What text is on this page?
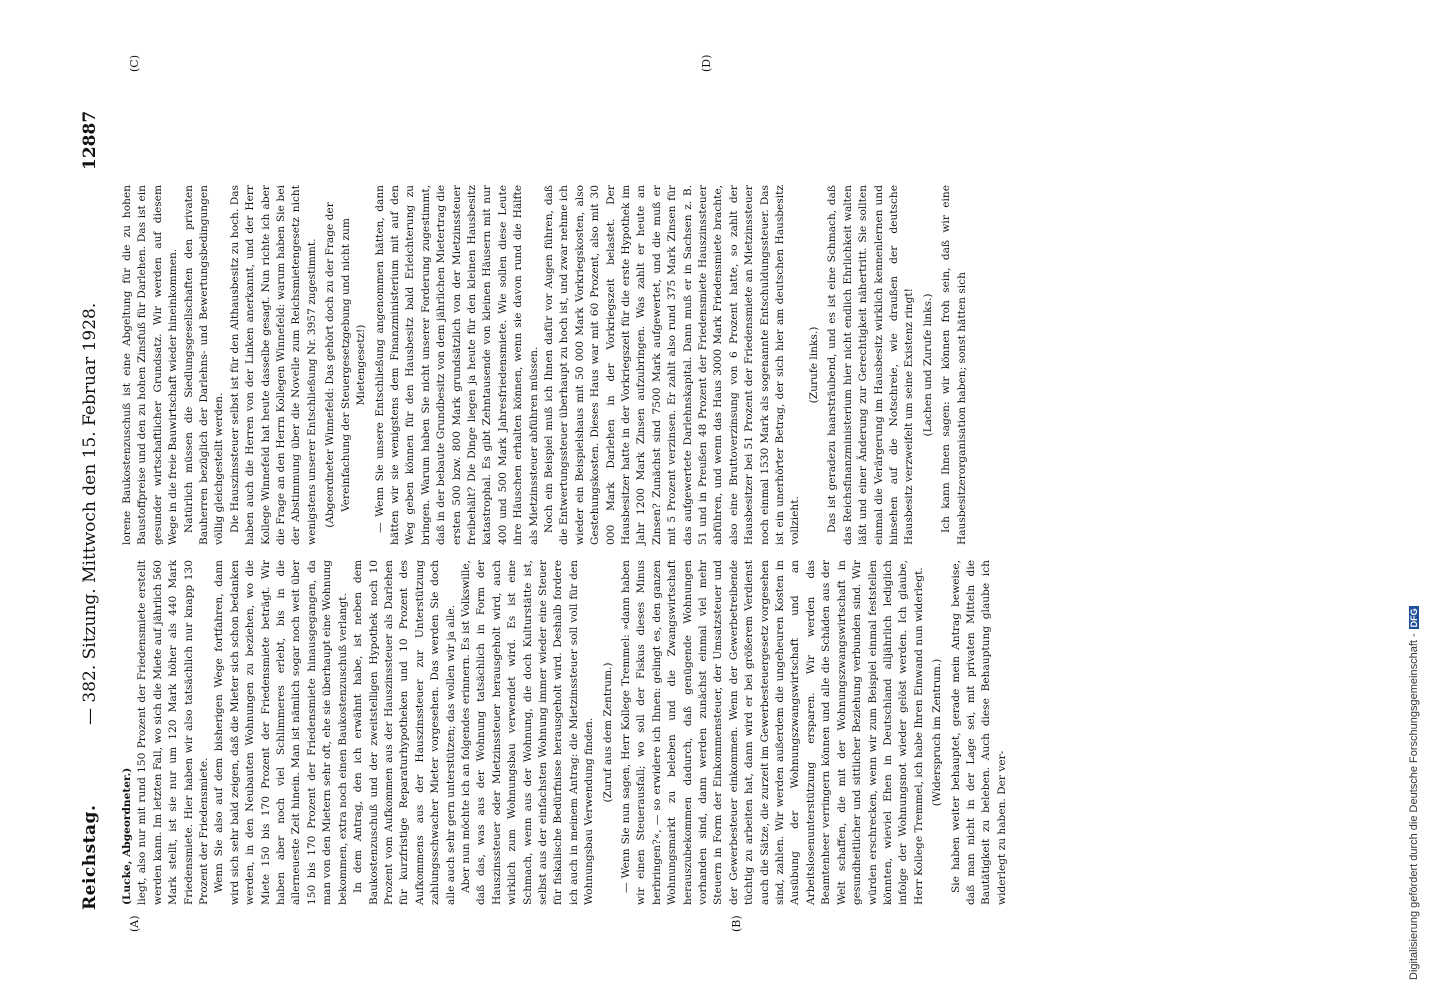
Reichstag.
— 382. Sitzung. Mittwoch den 15. Februar 1928.
12887
(A)	(B)
(C)	(D)

(Lucke, Abgeordneter.) liegt, also nur mit rund 150 Prozent der Friedensmiete erstellt werden kann. Im letzten Fall, wo sich die Miete auf jährlich 560 Mark stellt, ist sie nur um 120 Mark höher als 440 Mark Friedensmiete. Hier haben wir also tatsächlich nur knapp 130 Prozent der Friedensmiete. Wenn Sie also auf dem bisherigen Wege fortfahren, dann wird sich sehr bald zeigen, daß die Mieter sich schon bedanken werden, in den Neubauten Wohnungen zu beziehen, wo die Miete 150 bis 170 Prozent der Friedensmiete beträgt. Wir haben aber noch viel Schlimmeres erlebt, bis in die allerneueste Zeit hinein. Man ist nämlich sogar noch weit über 150 bis 170 Prozent der Friedensmiete hinausgegangen, da man von den Mietern sehr oft, ehe sie überhaupt eine Wohnung bekommen, extra noch einen Baukostenzuschuß verlangt. In dem Antrag, den ich erwähnt habe, ist neben dem Baukostenzuschuß und der zweitstelligen Hypothek noch 10 Prozent vom Aufkommen aus der Hauszinssteuer als Darlehen für kurzfristige Reparaturhypotheken und 10 Prozent des Aufkommens aus der Hauszinssteuer zur Unterstützung zahlungsschwacher Mieter vorgesehen. Das werden Sie doch alle auch sehr gern unterstützen; das wollen wir ja alle. Aber nun möchte ich an folgendes erinnern. Es ist Volkswille, daß das, was aus der Wohnung tatsächlich in Form der Hauszinssteuer oder Mietzinssteuer herausgeholt wird, auch wirklich zum Wohnungsbau verwendet wird. Es ist eine Schmach, wenn aus der Wohnung, die doch Kulturstätte ist, selbst aus der einfachsten Wohnung immer wieder eine Steuer für fiskalische Bedürfnisse herausgeholt wird. Deshalb fordere ich auch in meinem Antrag: die Mietzinssteuer soll voll für den Wohnungsbau Verwendung finden. (Zuruf aus dem Zentrum.) — Wenn Sie nun sagen, Herr Kollege Tremmel: »dann haben wir einen Steuerausfall; wo soll der Fiskus dieses Minus herbringen?«, — so erwidere ich Ihnen: gelingt es, den ganzen Wohnungsmarkt zu beleben und die Zwangswirtschaft herauszubekommen dadurch, daß genügende Wohnungen vorhanden sind, dann werden zunächst einmal viel mehr Steuern in Form der Einkommensteuer, der Umsatzsteuer und der Gewerbesteuer einkommen. Wenn der Gewerbetreibende tüchtig zu arbeiten hat, dann wird er bei größerem Verdienst auch die Sätze, die zurzeit im Gewerbesteuergesetz vorgesehen sind, zahlen. Wir werden außerdem die ungeheuren Kosten in Ausübung der Wohnungszwangswirtschaft und an Arbeitslosenunterstützung ersparen. Wir werden das Beamtenheer verringern können und alle die Schäden aus der Welt schaffen, die mit der Wohnungszwangswirtschaft in gesundheitlicher und sittlicher Beziehung verbunden sind. Wir würden erschrecken, wenn wir zum Beispiel einmal feststellen könnten, wieviel Ehen in Deutschland alljährlich lediglich infolge der Wohnungsnot wieder gelöst werden. Ich glaube, Herr Kollege Tremmel, ich habe Ihren Einwand nun widerlegt. (Widerspruch im Zentrum.) Sie haben weiter behauptet, gerade mein Antrag beweise, daß man nicht in der Lage sei, mit privaten Mitteln die Bautätigkeit zu beleben. Auch diese Behauptung glaube ich widerlegt zu haben. Der ver-

lorene Baukostenzuschuß ist eine Abgeltung für die zu hohen Baustoffpreise und den zu hohen Zinsfuß für Darlehen. Das ist ein gesunder wirtschaftlicher Grundsatz. Wir werden auf diesem Wege in die freie Bauwirtschaft wieder hineinkommen. Natürlich müssen die Siedlungsgesellschaften den privaten Bauherren bezüglich der Darlehns- und Bewertungsbedingungen völlig gleichgestellt werden. Die Hauszinssteuer selbst ist für den Althausbesitz zu hoch. Das haben auch die Herren von der Linken anerkannt, und der Herr Kollege Winnefeld hat heute dasselbe gesagt. Nun richte ich aber die Frage an den Herrn Kollegen Winnefeld: warum haben Sie bei der Abstimmung über die Novelle zum Reichsmietengesetz nicht wenigstens unserer Entschließung Nr. 3957 zugestimmt. (Abgeordneter Winnefeld: Das gehört doch zu der Frage der Vereinfachung der Steuergesetzgebung und nicht zum Mietengesetz!) — Wenn Sie unsere Entschließung angenommen hätten, dann hätten wir sie wenigstens dem Finanzministerium mit auf den Weg geben können für den Hausbesitz bald Erleichterung zu bringen. Warum haben Sie nicht unserer Forderung zugestimmt, daß in der bebaute Grundbesitz von dem jährlichen Mietertrag die ersten 500 bzw. 800 Mark grundsätzlich von der Mietzinssteuer freibehält? Die Dinge liegen ja heute für den kleinen Hausbesitz katastrophal. Es gibt Zehntausende von kleinen Häusern mit nur 400 und 500 Mark Jahresfriedensmiete. Wie sollen diese Leute ihre Häuschen erhalten können, wenn sie davon rund die Hälfte als Mietzinssteuer abführen müssen. Noch ein Beispiel muß ich Ihnen dafür vor Augen führen, daß die Entwertungssteuer überhaupt zu hoch ist, und zwar nehme ich wieder ein Beispielshaus mit 50 000 Mark Vorkriegskosten, also Gestehungskosten. Dieses Haus war mit 60 Prozent, also mit 30 000 Mark Darlehen in der Vorkriegszeit belastet. Der Hausbesitzer hatte in der Vorkriegszeit für die erste Hypothek im Jahr 1200 Mark Zinsen aufzubringen. Was zahlt er heute an Zinsen? Zunächst sind 7500 Mark aufgewertet, und die muß er mit 5 Prozent verzinsen. Er zahlt also rund 375 Mark Zinsen für das aufgewertete Darlehnskapital. Dann muß er in Sachsen z. B. 51 und in Preußen 48 Prozent der Friedensmiete Hauszinssteuer abführen, und wenn das Haus 3000 Mark Friedensmiete brachte, also eine Bruttoverzinsung von 6 Prozent hatte, so zahlt der Hausbesitzer bei 51 Prozent der Friedensmiete an Mietzinssteuer noch einmal 1530 Mark als sogenannte Entschuldungssteuer. Das ist ein unerhörter Betrag, der sich hier am deutschen Hausbesitz vollzieht.

(Zurufe links.) Das ist geradezu haarsträubend, und es ist eine Schmach, daß das Reichsfinanzministerium hier nicht endlich Ehrlichkeit walten läßt und einer Änderung zur Gerechtigkeit nähertritt. Sie sollten einmal die Verärgerung im Hausbesitz wirklich kennenlernen und hinsehen auf die Notschreie, wie draußen der deutsche Hausbesitz verzweifelt um seine Existenz ringt! (Lachen und Zurufe links.) Ich kann Ihnen sagen: wir können froh sein, daß wir eine Hausbesitzerorganisation haben; sonst hätten sich

Digitalisierung gefördert durch die Deutsche Forschungsgemeinschaft -DFG
